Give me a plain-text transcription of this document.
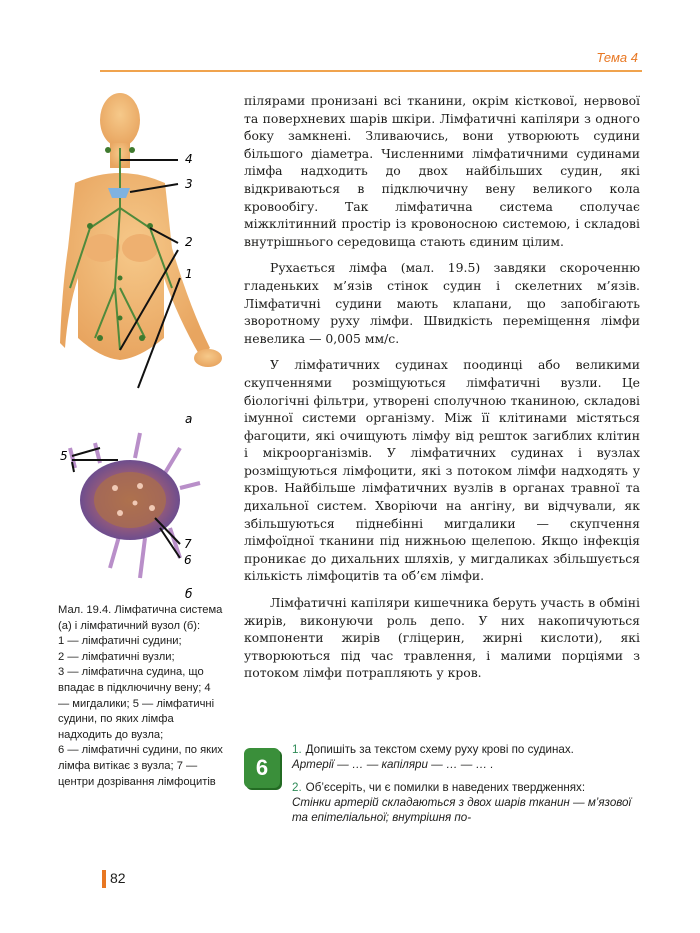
Тема 4
4
3
2
1
а
5
7
6
б
Мал. 19.4. Лімфатична система (а) і лімфатичний вузол (б):
1 — лімфатичні судини;
2 — лімфатичні вузли;
3 — лімфатична судина, що впадає в підключичну вену; 4 — мигдалики; 5 — лімфатичні судини, по яких лімфа надходить до вузла;
6 — лімфатичні судини, по яких лімфа витікає з вузла; 7 — центри дозрівання лімфоцитів

пілярами пронизані всі тканини, окрім кісткової, нервової та поверхневих шарів шкіри. Лімфатичні капіляри з одного боку замкнені. Зливаючись, вони утворюють судини більшого діаметра. Численними лімфатичними судинами лімфа надходить до двох найбільших судин, які відкриваються в підключичну вену великого кола кровообігу. Так лімфатична система сполучає міжклітинний простір із кровоносною системою, і складові внутрішнього середовища стають єдиним цілим.

Рухається лімфа (мал. 19.5) завдяки скороченню гладеньких м’язів стінок судин і скелетних м’язів. Лімфатичні судини мають клапани, що запобігають зворотному руху лімфи. Швидкість переміщення лімфи невелика — 0,005 мм/с.

У лімфатичних судинах поодинці або великими скупченнями розміщуються лімфатичні вузли. Це біологічні фільтри, утворені сполучною тканиною, складові імунної системи організму. Між її клітинами містяться фагоцити, які очищують лімфу від решток загиблих клітин і мікроорганізмів. У лімфатичних судинах і вузлах розміщуються лімфоцити, які з потоком лімфи надходять у кров. Найбільше лімфатичних вузлів в органах травної та дихальної систем. Хворіючи на ангіну, ви відчували, як збільшуються піднебінні мигдалики — скупчення лімфоїдної тканини під нижньою щелепою. Якщо інфекція проникає до дихальних шляхів, у мигдаликах збільшується кількість лімфоцитів та об’єм лімфи.

Лімфатичні капіляри кишечника беруть участь в обміні жирів, виконуючи роль депо. У них накопичуються компоненти жирів (гліцерин, жирні кислоти), які утворюються під час травлення, і малими порціями з потоком лімфи потрапляють у кров.

6
1. Допишіть за текстом схему руху крові по судинах.
Артерії — … — капіляри — … — … .
2. Об’єсеріть, чи є помилки в наведених твердженнях:
Стінки артерій складаються з двох шарів тканин — м’язової та епітеліальної; внутрішня по-
82
